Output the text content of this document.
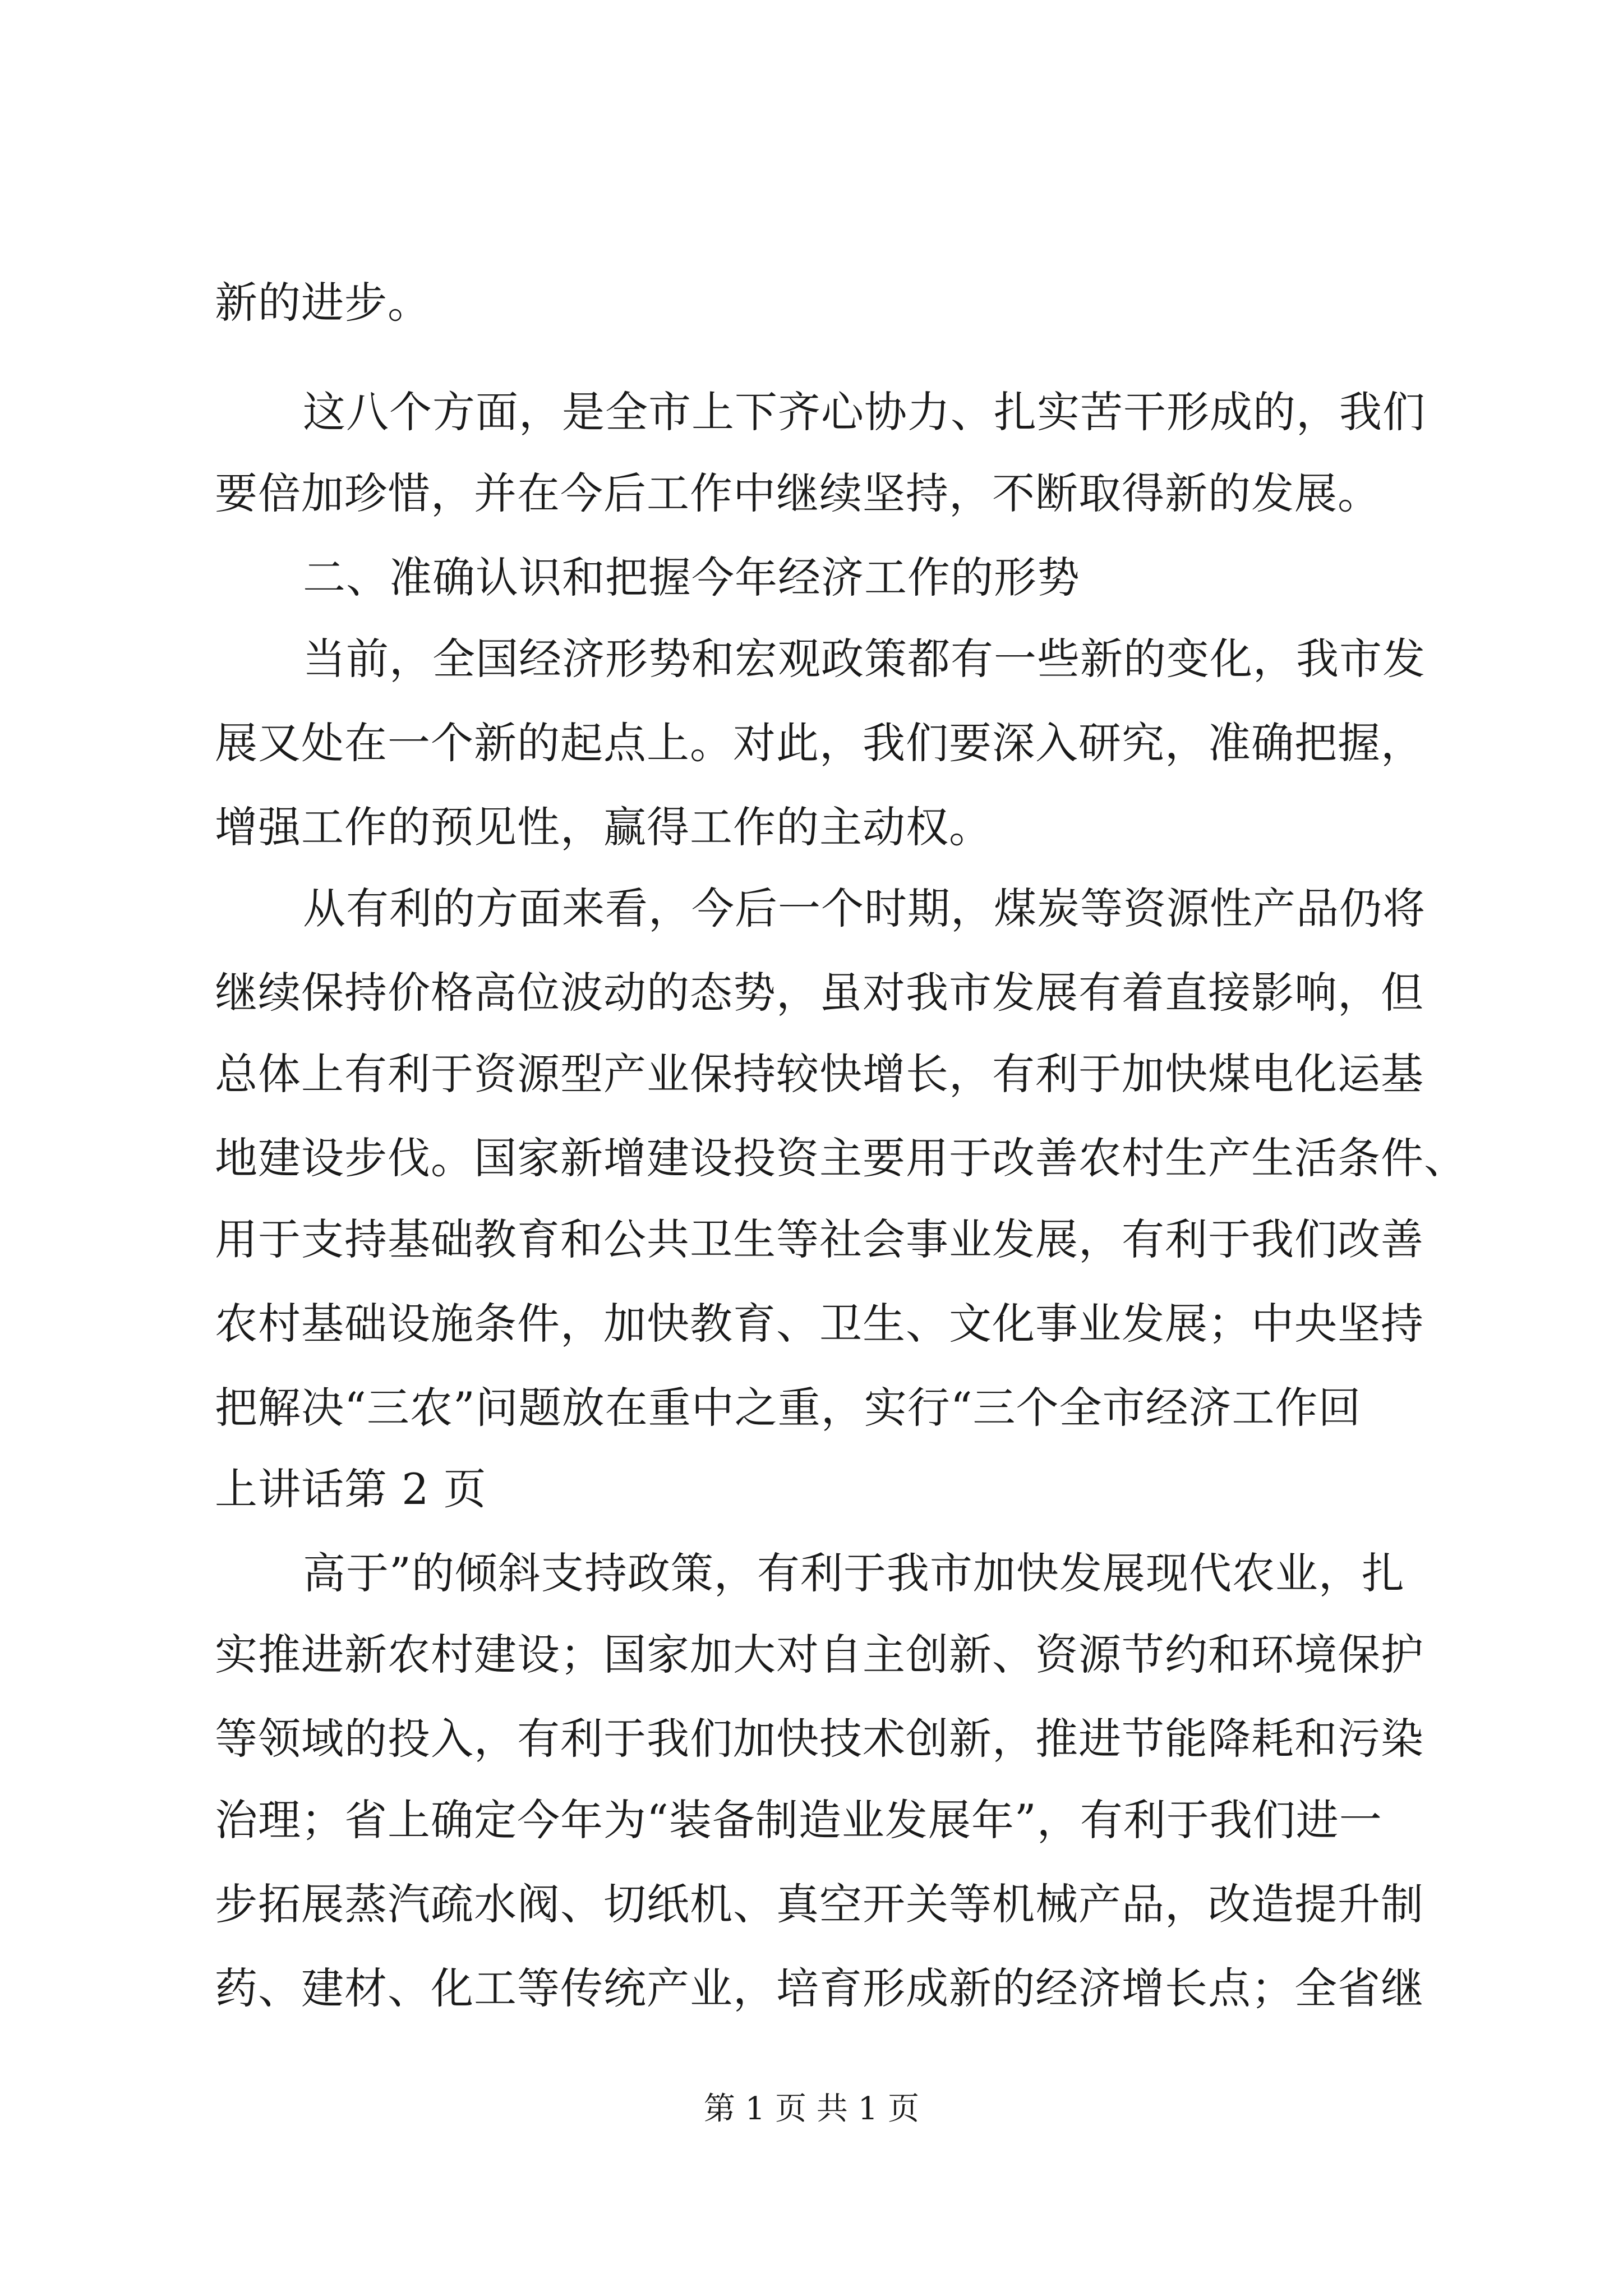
新的进步。
这八个方面，是全市上下齐心协力、扎实苦干形成的，我们
要倍加珍惜，并在今后工作中继续坚持，不断取得新的发展。
二、准确认识和把握今年经济工作的形势
当前，全国经济形势和宏观政策都有一些新的变化，我市发
展又处在一个新的起点上。对此，我们要深入研究，准确把握，
增强工作的预见性，赢得工作的主动权。
从有利的方面来看，今后一个时期，煤炭等资源性产品仍将
继续保持价格高位波动的态势，虽对我市发展有着直接影响，但
总体上有利于资源型产业保持较快增长，有利于加快煤电化运基
地建设步伐。国家新增建设投资主要用于改善农村生产生活条件、
用于支持基础教育和公共卫生等社会事业发展，有利于我们改善
农村基础设施条件，加快教育、卫生、文化事业发展；中央坚持
把解决“三农”问题放在重中之重，实行“三个全市经济工作回
上讲话第 2 页
高于”的倾斜支持政策，有利于我市加快发展现代农业，扎
实推进新农村建设；国家加大对自主创新、资源节约和环境保护
等领域的投入，有利于我们加快技术创新，推进节能降耗和污染
治理；省上确定今年为“装备制造业发展年”，有利于我们进一
步拓展蒸汽疏水阀、切纸机、真空开关等机械产品，改造提升制
药、建材、化工等传统产业，培育形成新的经济增长点；全省继
第 1 页 共 1 页
